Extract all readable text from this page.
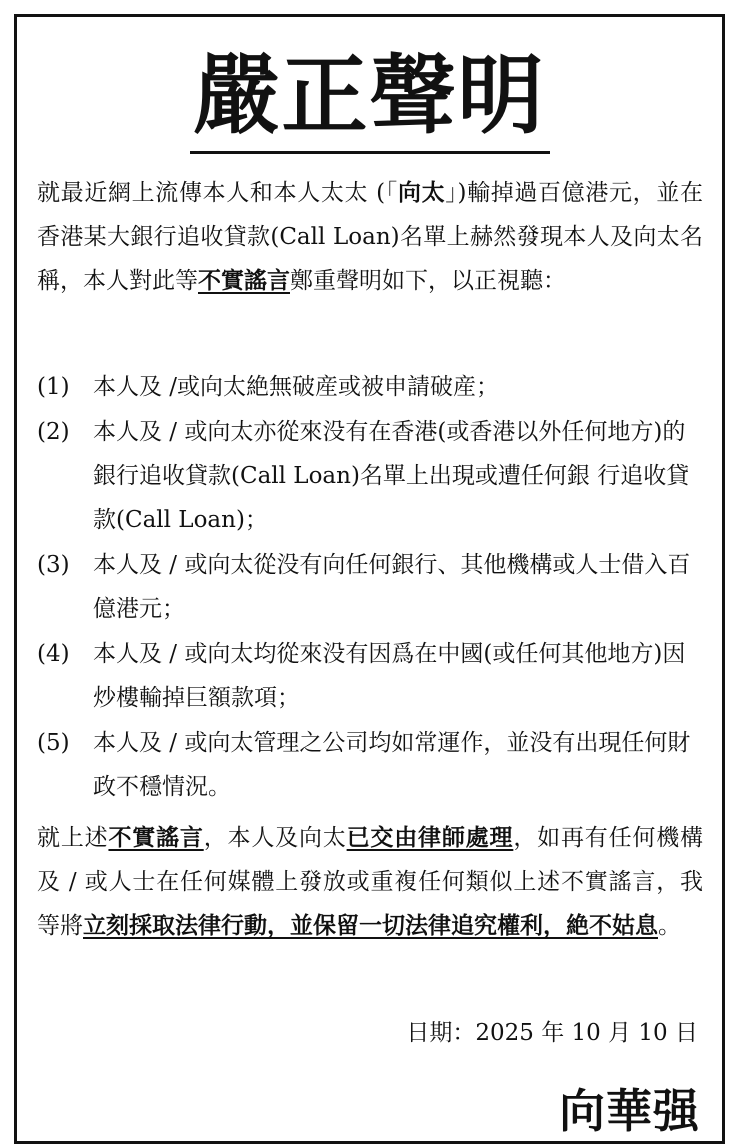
嚴正聲明

就最近網上流傳本人和本人太太 (「向太」)輸掉過百億港元，並在香港某大銀行追收貸款(Call Loan)名單上赫然發現本人及向太名稱，本人對此等不實謠言鄭重聲明如下，以正視聽：

(1) 本人及 /或向太絶無破産或被申請破産；
(2) 本人及 / 或向太亦從來没有在香港(或香港以外任何地方)的銀行追收貸款(Call Loan)名單上出現或遭任何銀 行追收貸款(Call Loan)；
(3) 本人及 / 或向太從没有向任何銀行、其他機構或人士借入百億港元；
(4) 本人及 / 或向太均從來没有因爲在中國(或任何其他地方)因炒樓輸掉巨額款項；
(5) 本人及 / 或向太管理之公司均如常運作，並没有出現任何財政不穩情況。

就上述不實謠言，本人及向太已交由律師處理，如再有任何機構及 / 或人士在任何媒體上發放或重複任何類似上述不實謠言，我等將立刻採取法律行動，並保留一切法律追究權利，絶不姑息。

日期：2025 年 10 月 10 日
向華强
